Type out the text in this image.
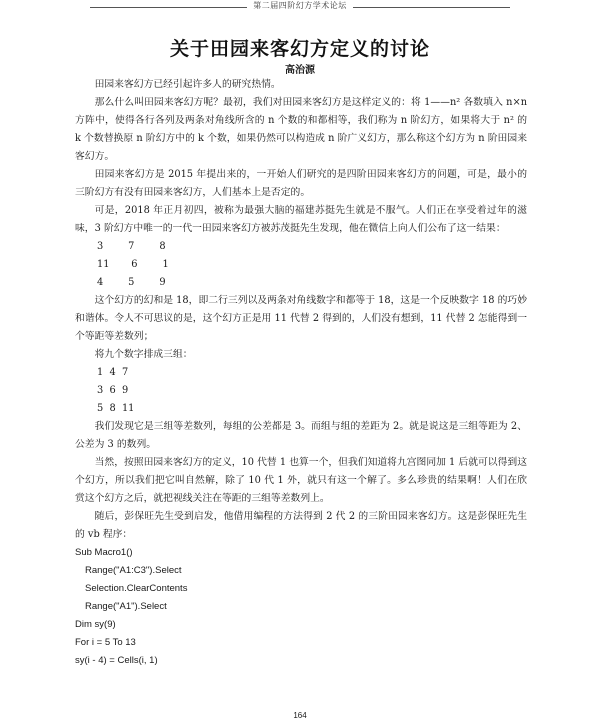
第二届四阶幻方学术论坛
关于田园来客幻方定义的讨论
高治源

田园来客幻方已经引起许多人的研究热情。

那么什么叫田园来客幻方呢？最初，我们对田园来客幻方是这样定义的：将 1——n² 各数填入 n×n 方阵中，使得各行各列及两条对角线所含的 n 个数的和都相等，我们称为 n 阶幻方，如果将大于 n² 的 k 个数替换原 n 阶幻方中的 k 个数，如果仍然可以构造成 n 阶广义幻方，那么称这个幻方为 n 阶田园来客幻方。

田园来客幻方是 2015 年提出来的，一开始人们研究的是四阶田园来客幻方的问题，可是，最小的三阶幻方有没有田园来客幻方，人们基本上是否定的。

可是，2018 年正月初四，被称为最强大脑的福建苏挺先生就是不服气。人们正在享受着过年的滋味，3 阶幻方中唯一的一代一田园来客幻方被苏茂挺先生发现，他在微信上向人们公布了这一结果：

3	7	8
11 6	1
4	5	9

这个幻方的幻和是 18，即二行三列以及两条对角线数字和都等于 18，这是一个反映数字 18 的巧妙和谐体。令人不可思议的是，这个幻方正是用 11 代替 2 得到的，人们没有想到，11 代替 2 怎能得到一个等距等差数列；

将九个数字排成三组：

1 4 7
3 6 9
5 8 11

我们发现它是三组等差数列，每组的公差都是 3。而组与组的差距为 2。就是说这是三组等距为 2、公差为 3 的数列。

当然，按照田园来客幻方的定义，10 代替 1 也算一个，但我们知道将九宫图同加 1 后就可以得到这个幻方，所以我们把它叫自然解，除了 10 代 1 外，就只有这一个解了。多么珍贵的结果啊！人们在欣赏这个幻方之后，就把视线关注在等距的三组等差数列上。

随后，彭保旺先生受到启发，他借用编程的方法得到 2 代 2 的三阶田园来客幻方。这是彭保旺先生的 vb 程序：

Sub Macro1()
Range("A1:C3").Select
Selection.ClearContents
Range("A1").Select
Dim sy(9)
For i = 5 To 13
sy(i - 4) = Cells(i, 1)
164
